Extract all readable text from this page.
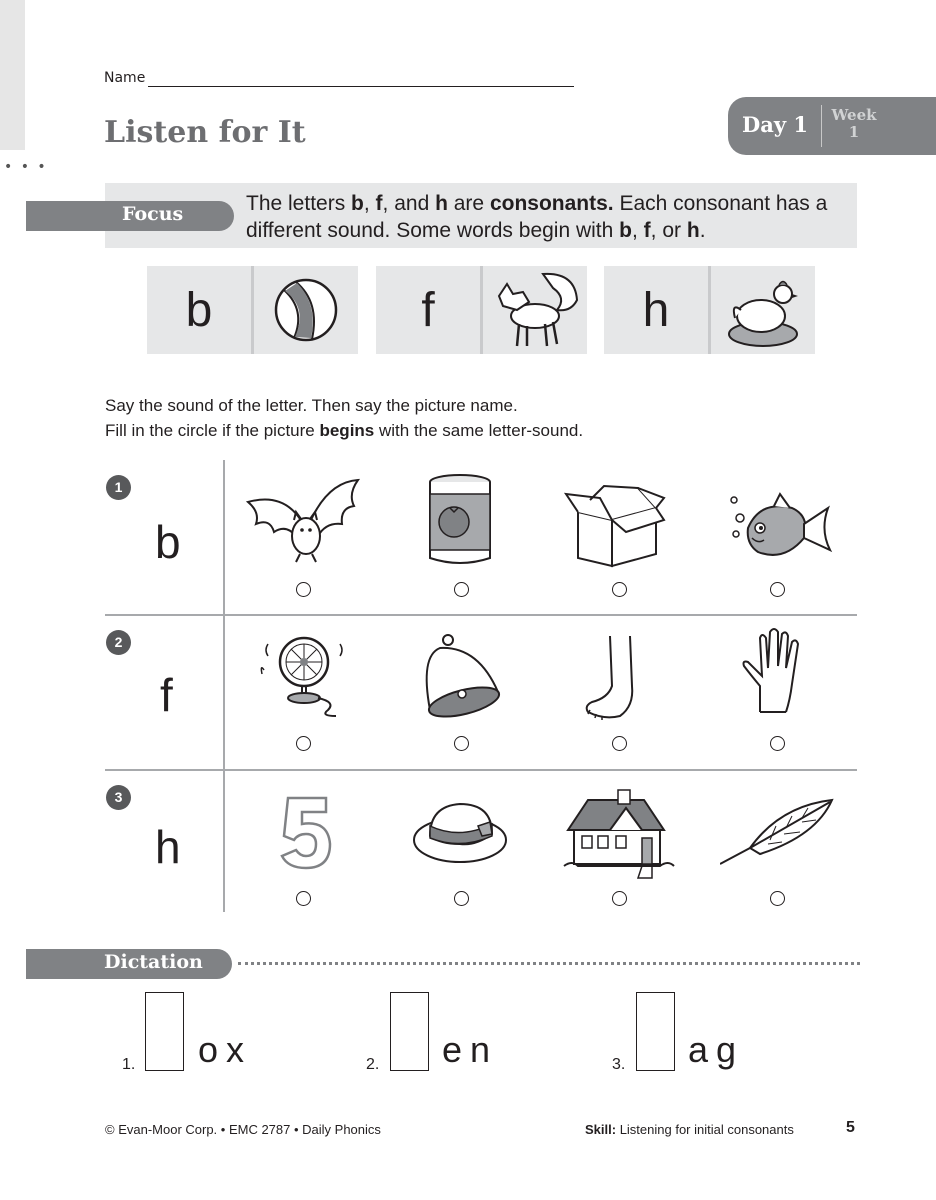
• • •
Name
Listen for It	Day 1 Week
1
Focus	The letters b, f, and h are consonants. Each consonant has a different sound. Some words begin with b, f, or h.
b	f	h
Say the sound of the letter. Then say the picture name.
Fill in the circle if the picture begins with the same letter-sound.
1
b
2
f
3
h
Dictation
1. ox	2. en	3. ag
© Evan-Moor Corp. • EMC 2787 • Daily Phonics	Skill: Listening for initial consonants	5
